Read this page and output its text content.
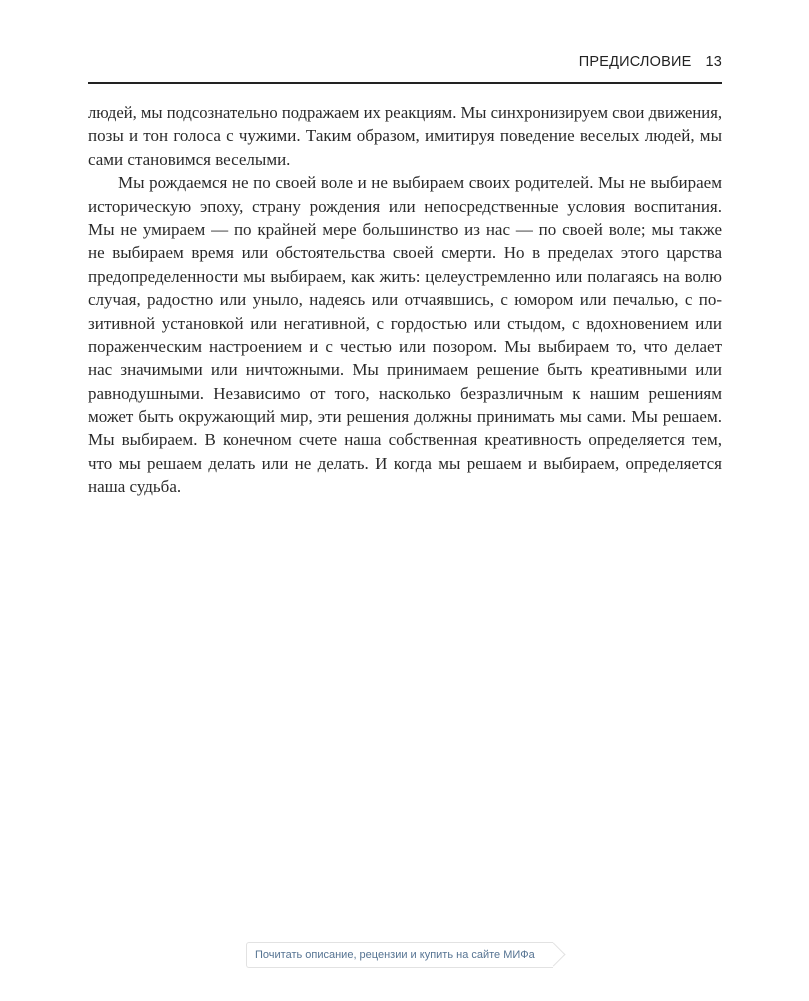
ПРЕДИСЛОВИЕ 13
людей, мы подсознательно подражаем их реакциям. Мы синхронизируем свои движения,
позы и тон голоса с чужими. Таким образом, имитируя поведение веселых людей, мы
сами становимся веселыми.
Мы рождаемся не по своей воле и не выбираем своих родителей. Мы не выбираем
историческую эпоху, страну рождения или непосредственные условия воспитания.
Мы не умираем — по крайней мере большинство из нас — по своей воле; мы также
не выбираем время или обстоятельства своей смерти. Но в пределах этого царства
предопределенности мы выбираем, как жить: целеустремленно или полагаясь на волю
случая, радостно или уныло, надеясь или отчаявшись, с юмором или печалью, с по-
зитивной установкой или негативной, с гордостью или стыдом, с вдохновением или
пораженческим настроением и с честью или позором. Мы выбираем то, что делает
нас значимыми или ничтожными. Мы принимаем решение быть креативными или
равнодушными. Независимо от того, насколько безразличным к нашим решениям
может быть окружающий мир, эти решения должны принимать мы сами. Мы решаем.
Мы выбираем. В конечном счете наша собственная креативность определяется тем,
что мы решаем делать или не делать. И когда мы решаем и выбираем, определяется
наша судьба.
Почитать описание, рецензии и купить на сайте МИФа
